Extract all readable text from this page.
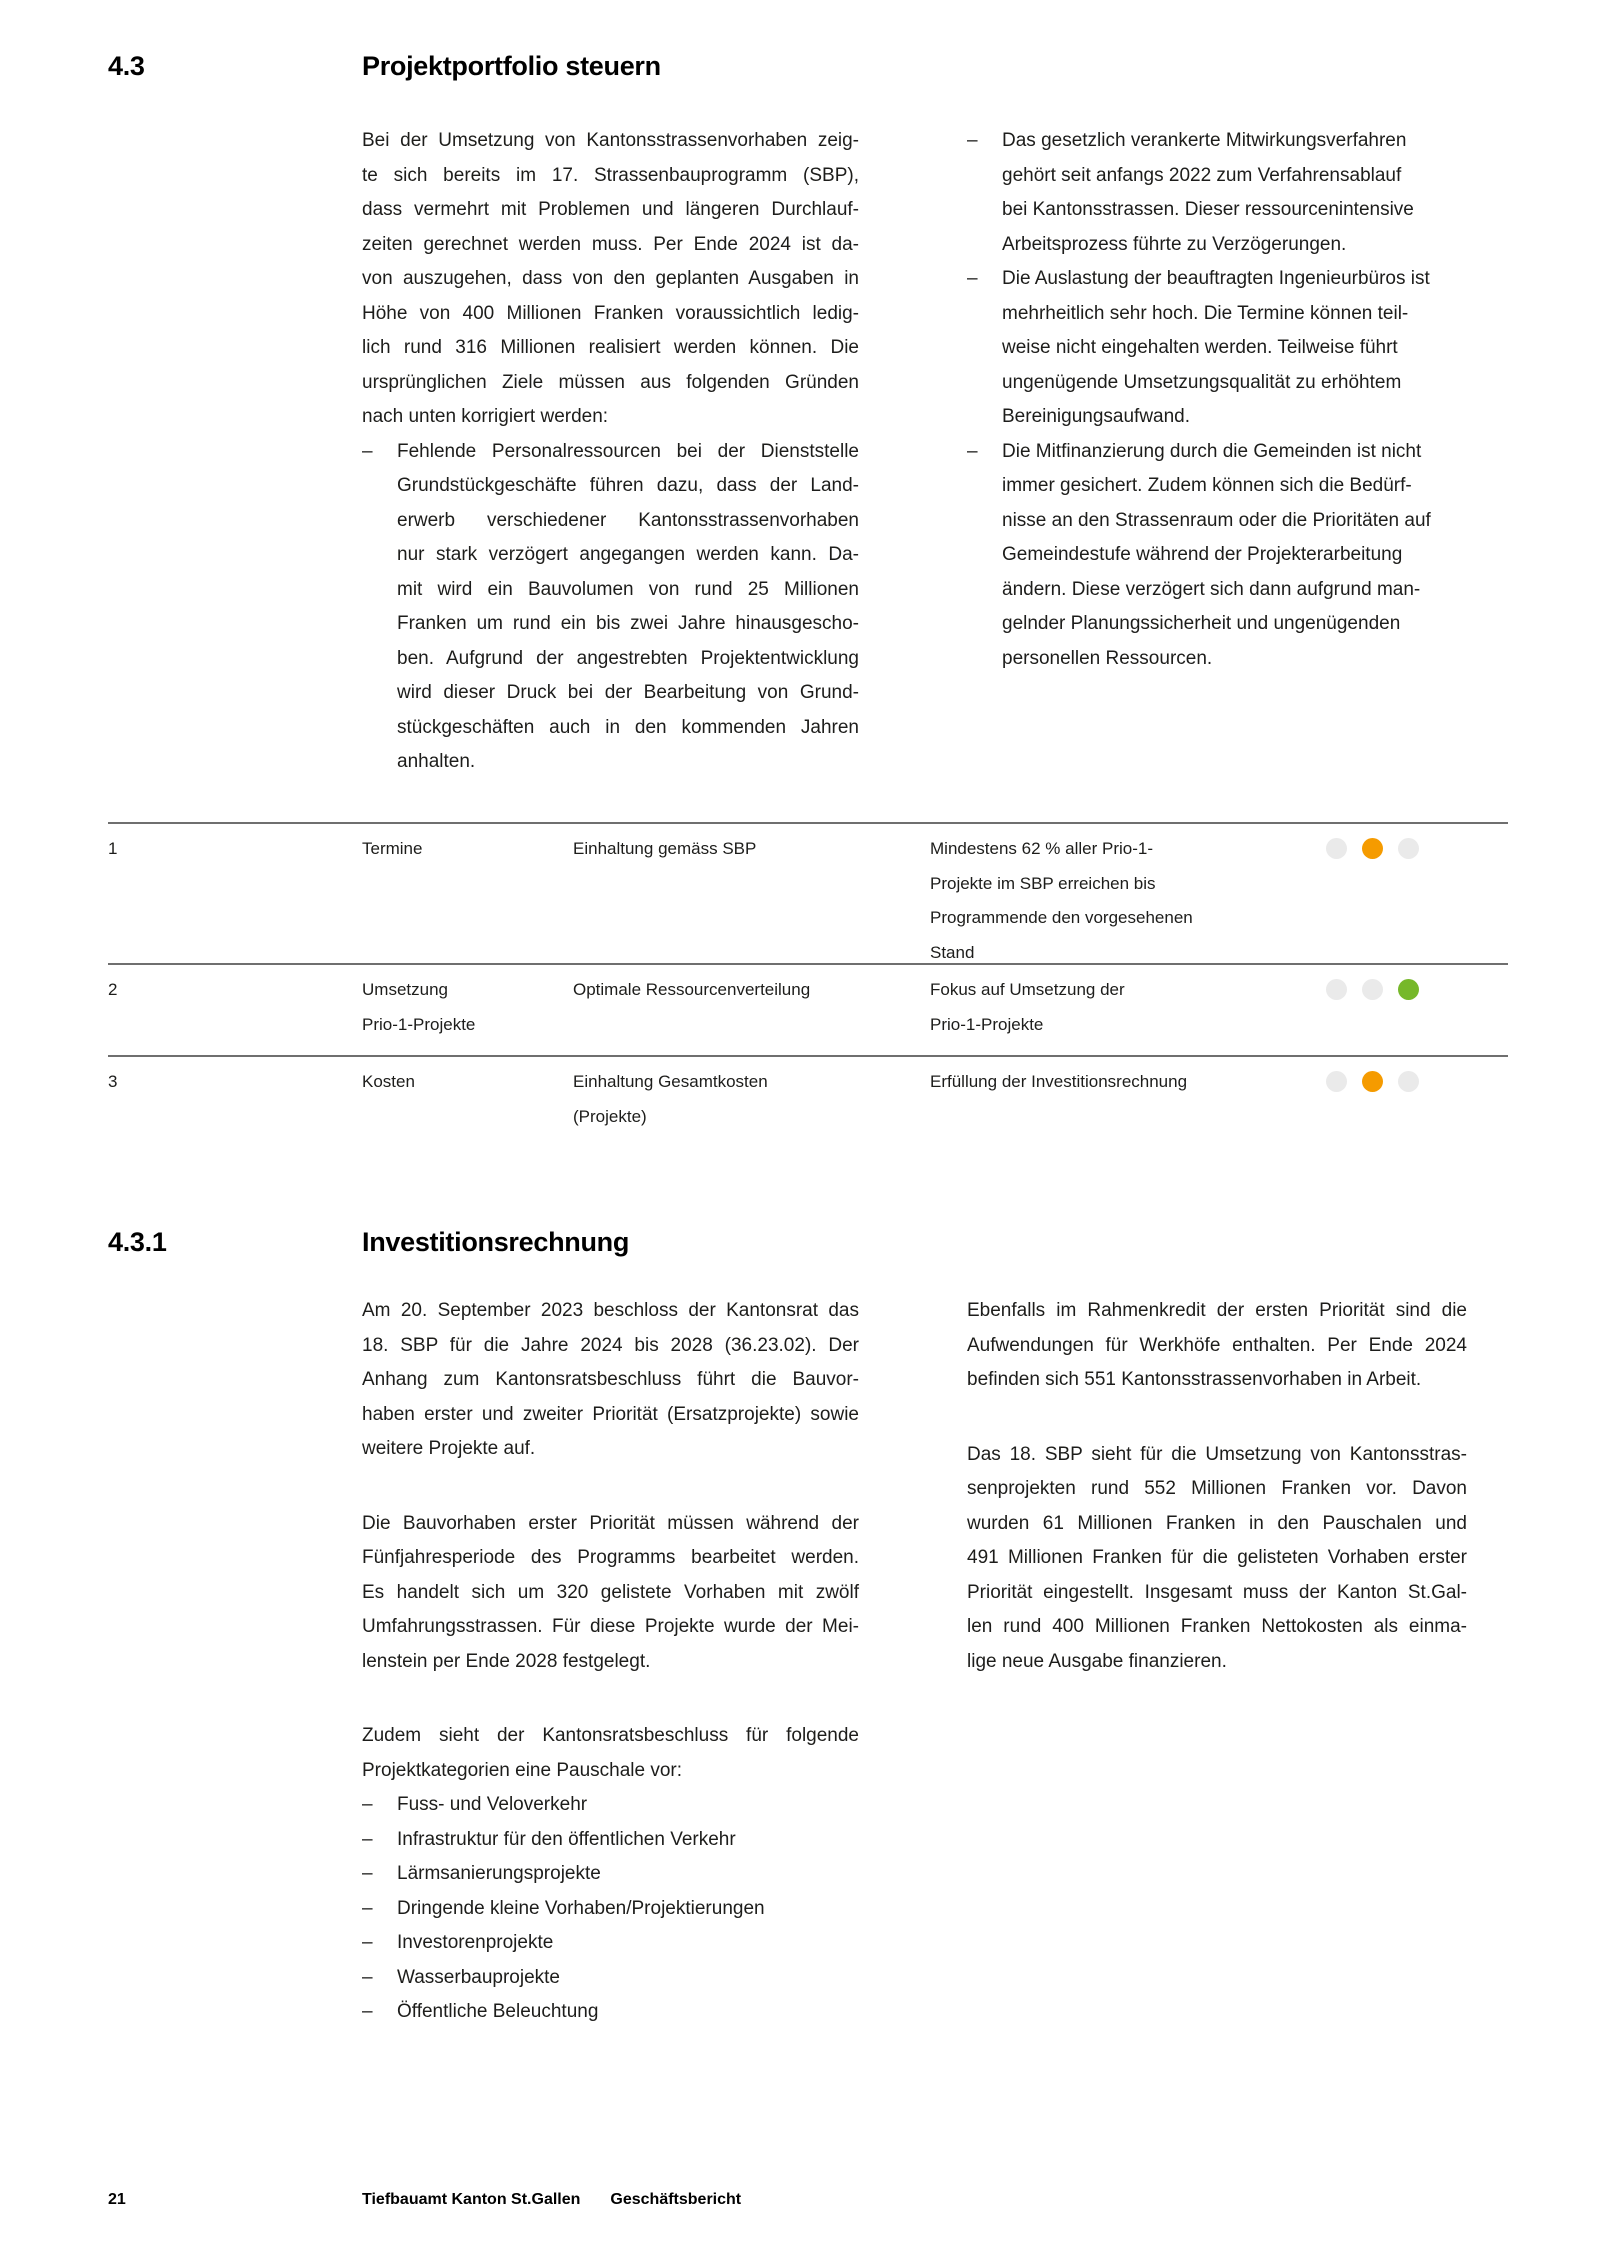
4.3	Projektportfolio steuern
Bei der Umsetzung von Kantonsstrassenvorhaben zeig-
te sich bereits im 17. Strassenbauprogramm (SBP),
dass vermehrt mit Problemen und längeren Durchlauf-
zeiten gerechnet werden muss. Per Ende 2024 ist da-
von auszugehen, dass von den geplanten Ausgaben in
Höhe von 400 Millionen Franken voraussichtlich ledig-
lich rund 316 Millionen realisiert werden können. Die
ursprünglichen Ziele müssen aus folgenden Gründen
nach unten korrigiert werden:
–	Fehlende Personalressourcen bei der Dienststelle
Grundstückgeschäfte führen dazu, dass der Land-
erwerb verschiedener Kantonsstrassenvorhaben
nur stark verzögert angegangen werden kann. Da-
mit wird ein Bauvolumen von rund 25 Millionen
Franken um rund ein bis zwei Jahre hinausgescho-
ben. Aufgrund der angestrebten Projektentwicklung
wird dieser Druck bei der Bearbeitung von Grund-
stückgeschäften auch in den kommenden Jahren
anhalten.
–	Das gesetzlich verankerte Mitwirkungsverfahren
gehört seit anfangs 2022 zum Verfahrensablauf
bei Kantonsstrassen. Dieser ressourcenintensive
Arbeitsprozess führte zu Verzögerungen.
–	Die Auslastung der beauftragten Ingenieurbüros ist
mehrheitlich sehr hoch. Die Termine können teil-
weise nicht eingehalten werden. Teilweise führt
ungenügende Umsetzungsqualität zu erhöhtem
Bereinigungsaufwand.
–	Die Mitfinanzierung durch die Gemeinden ist nicht
immer gesichert. Zudem können sich die Bedürf-
nisse an den Strassenraum oder die Prioritäten auf
Gemeindestufe während der Projekterarbeitung
ändern. Diese verzögert sich dann aufgrund man-
gelnder Planungssicherheit und ungenügenden
personellen Ressourcen.
1	Termine	Einhaltung gemäss SBP	Mindestens 62 % aller Prio-1-
Projekte im SBP erreichen bis
Programmende den vorgesehenen
Stand
2	Umsetzung
Prio-1-Projekte
Optimale Ressourcenverteilung	Fokus auf Umsetzung der
Prio-1-Projekte
3	Kosten	Einhaltung Gesamtkosten
(Projekte)
Erfüllung der Investitionsrechnung
4.3.1	Investitionsrechnung
Am 20. September 2023 beschloss der Kantonsrat das
18. SBP für die Jahre 2024 bis 2028 (36.23.02). Der
Anhang zum Kantonsratsbeschluss führt die Bauvor-
haben erster und zweiter Priorität (Ersatzprojekte) sowie
weitere Projekte auf.
Die Bauvorhaben erster Priorität müssen während der
Fünfjahresperiode des Programms bearbeitet werden.
Es handelt sich um 320 gelistete Vorhaben mit zwölf
Umfahrungsstrassen. Für diese Projekte wurde der Mei-
lenstein per Ende 2028 festgelegt.
Zudem sieht der Kantonsratsbeschluss für folgende
Projektkategorien eine Pauschale vor:
–	Fuss- und Veloverkehr
–	Infrastruktur für den öffentlichen Verkehr
–	Lärmsanierungsprojekte
–	Dringende kleine Vorhaben/Projektierungen
–	Investorenprojekte
–	Wasserbauprojekte
–	Öffentliche Beleuchtung
Ebenfalls im Rahmenkredit der ersten Priorität sind die
Aufwendungen für Werkhöfe enthalten. Per Ende 2024
befinden sich 551 Kantonsstrassenvorhaben in Arbeit.
Das 18. SBP sieht für die Umsetzung von Kantonsstras-
senprojekten rund 552 Millionen Franken vor. Davon
wurden 61 Millionen Franken in den Pauschalen und
491 Millionen Franken für die gelisteten Vorhaben erster
Priorität eingestellt. Insgesamt muss der Kanton St.Gal-
len rund 400 Millionen Franken Nettokosten als einma-
lige neue Ausgabe finanzieren.
21	Tiefbauamt Kanton St.Gallen Geschäftsbericht
